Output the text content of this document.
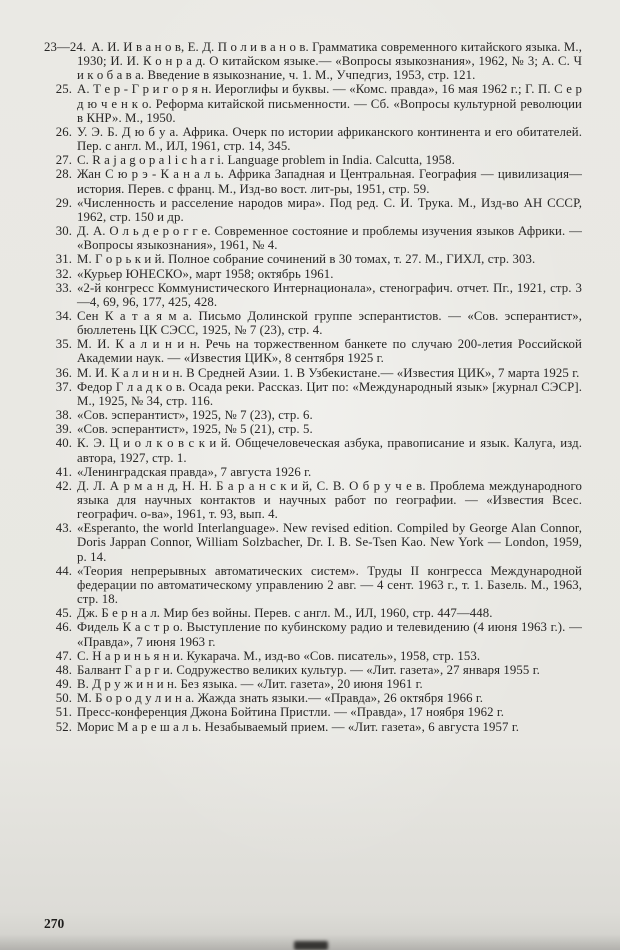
23—24. А. И. И в а н о в, Е. Д. П о л и в а н о в. Грамматика современного китайского языка. М., 1930; И. И. К о н р а д. О китайском языке.— «Вопросы языкознания», 1962, № 3; А. С. Ч и к о б а в а. Введение в языкознание, ч. 1. М., Учпедгиз, 1953, стр. 121.
25. А. Т е р - Г р и г о р я н. Иероглифы и буквы. — «Комс. правда», 16 мая 1962 г.; Г. П. С е р д ю ч е н к о. Реформа китайской письменности. — Сб. «Вопросы культурной революции в КНР». М., 1950.
26. У. Э. Б. Д ю б у а. Африка. Очерк по истории африканского континента и его обитателей. Пер. с англ. М., ИЛ, 1961, стр. 14, 345.
27. C. R a j a g o p a l i c h a r i. Language problem in India. Calcutta, 1958.
28. Жан С ю р э - К а н а л ь. Африка Западная и Центральная. География — цивилизация—история. Перев. с франц. М., Изд-во вост. лит-ры, 1951, стр. 59.
29. «Численность и расселение народов мира». Под ред. С. И. Трука. М., Изд-во АН СССР, 1962, стр. 150 и др.
30. Д. А. О л ь д е р о г г е. Современное состояние и проблемы изучения языков Африки. — «Вопросы языкознания», 1961, № 4.
31. М. Г о р ь к и й. Полное собрание сочинений в 30 томах, т. 27. М., ГИХЛ, стр. 303.
32. «Курьер ЮНЕСКО», март 1958; октябрь 1961.
33. «2-й конгресс Коммунистического Интернационала», стенографич. отчет. Пг., 1921, стр. 3—4, 69, 96, 177, 425, 428.
34. Сен К а т а я м а. Письмо Долинской группе эсперантистов. — «Сов. эсперантист», бюллетень ЦК СЭСС, 1925, № 7 (23), стр. 4.
35. М. И. К а л и н и н. Речь на торжественном банкете по случаю 200-летия Российской Академии наук. — «Известия ЦИК», 8 сентября 1925 г.
36. М. И. К а л и н и н. В Средней Азии. 1. В Узбекистане.— «Известия ЦИК», 7 марта 1925 г.
37. Федор Г л а д к о в. Осада реки. Рассказ. Цит по: «Международный язык» [журнал СЭСР]. М., 1925, № 34, стр. 116.
38. «Сов. эсперантист», 1925, № 7 (23), стр. 6.
39. «Сов. эсперантист», 1925, № 5 (21), стр. 5.
40. К. Э. Ц и о л к о в с к и й. Общечеловеческая азбука, правописание и язык. Калуга, изд. автора, 1927, стр. 1.
41. «Ленинградская правда», 7 августа 1926 г.
42. Д. Л. А р м а н д, Н. Н. Б а р а н с к и й, С. В. О б р у ч е в. Проблема международного языка для научных контактов и научных работ по географии. — «Известия Всес. географич. о-ва», 1961, т. 93, вып. 4.
43. «Esperanto, the world Interlanguage». New revised edition. Compiled by George Alan Connor, Doris Jappan Connor, William Solzbacher, Dr. I. B. Se-Tsen Kao. New York — London, 1959, p. 14.
44. «Теория непрерывных автоматических систем». Труды II конгресса Международной федерации по автоматическому управлению 2 авг. — 4 сент. 1963 г., т. 1. Базель. М., 1963, стр. 18.
45. Дж. Б е р н а л. Мир без войны. Перев. с англ. М., ИЛ, 1960, стр. 447—448.
46. Фидель К а с т р о. Выступление по кубинскому радио и телевидению (4 июня 1963 г.). — «Правда», 7 июня 1963 г.
47. С. Н а р и н ь я н и. Кукарача. М., изд-во «Сов. писатель», 1958, стр. 153.
48. Балвант Г а р г и. Содружество великих культур. — «Лит. газета», 27 января 1955 г.
49. В. Д р у ж и н и н. Без языка. — «Лит. газета», 20 июня 1961 г.
50. М. Б о р о д у л и н а. Жажда знать языки.— «Правда», 26 октября 1966 г.
51. Пресс-конференция Джона Бойтина Пристли. — «Правда», 17 ноября 1962 г.
52. Морис М а р е ш а л ь. Незабываемый прием. — «Лит. газета», 6 августа 1957 г.
270
